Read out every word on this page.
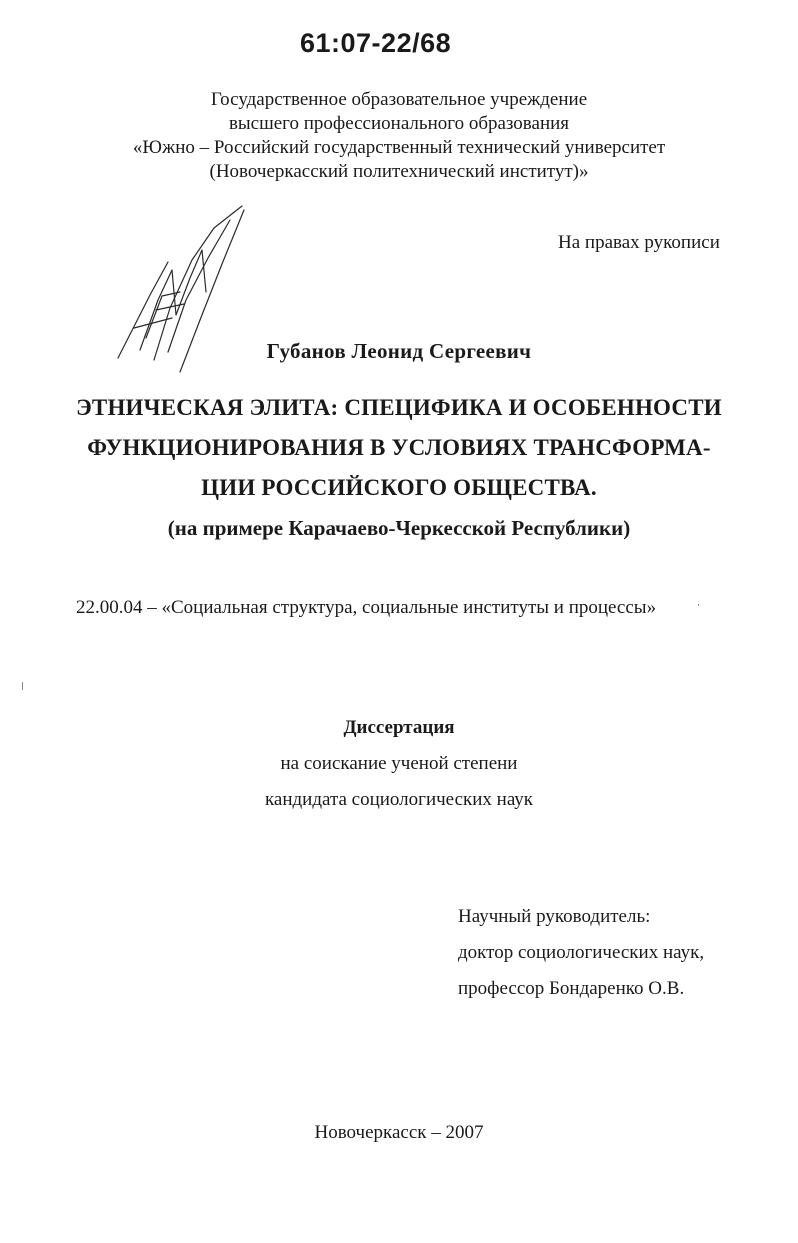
61:07-22/68
Государственное образовательное учреждение
высшего профессионального образования
«Южно – Российский государственный технический университет
(Новочеркасский политехнический институт)»
На правах рукописи
Губанов Леонид Сергеевич
ЭТНИЧЕСКАЯ ЭЛИТА: СПЕЦИФИКА И ОСОБЕННОСТИ
ФУНКЦИОНИРОВАНИЯ В УСЛОВИЯХ ТРАНСФОРМА-
ЦИИ РОССИЙСКОГО ОБЩЕСТВА.
(на примере Карачаево-Черкесской Республики)
22.00.04 – «Социальная структура, социальные институты и процессы»
Диссертация
на соискание ученой степени
кандидата социологических наук
Научный руководитель:
доктор социологических наук,
профессор Бондаренко О.В.
Новочеркасск – 2007
